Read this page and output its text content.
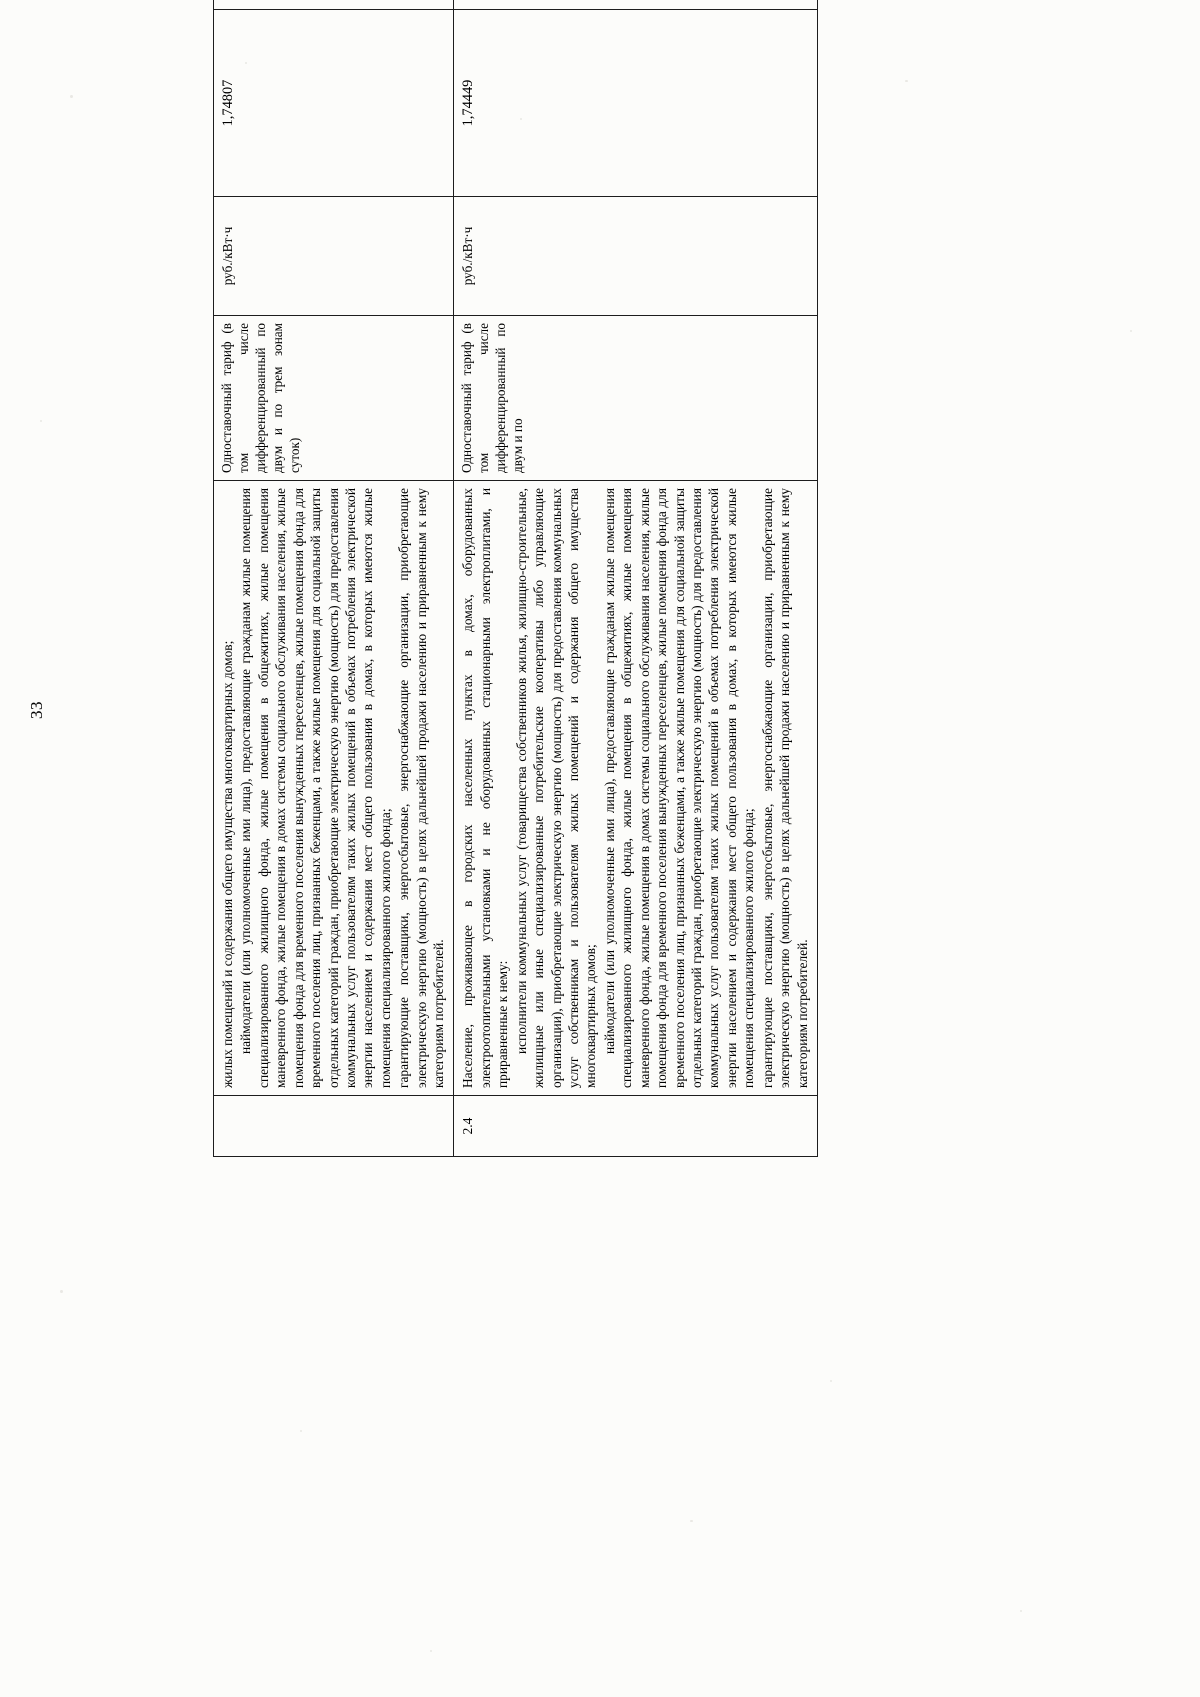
33

	жилых помещений и содержания общего имущества многоквартирных домов; наймодатели (или уполномоченные ими лица), предоставляющие гражданам жилые помещения специализированного жилищного фонда, жилые помещения в общежитиях, жилые помещения маневренного фонда, жилые помещения в домах системы социального обслуживания населения, жилые помещения фонда для временного поселения вынужденных переселенцев, жилые помещения фонда для временного поселения лиц, признанных беженцами, а также жилые помещения для социальной защиты отдельных категорий граждан, приобретающие электрическую энергию (мощность) для предоставления коммунальных услуг пользователям таких жилых помещений в объемах потребления электрической энергии населением и содержания мест общего пользования в домах, в которых имеются жилые помещения специализированного жилого фонда; гарантирующие поставщики, энергосбытовые, энергоснабжающие организации, приобретающие электрическую энергию (мощность) в целях дальнейшей продажи населению и приравненным к нему категориям потребителей.	Одноставочный тариф (в том числе дифференцированный по двум и по трем зонам суток)	руб./кВт·ч	1,74807	
2.4	Население, проживающее в городских населенных пунктах в домах, оборудованных электроотопительными установками и не оборудованных стационарными электроплитами, и приравненные к нему: исполнители коммунальных услуг (товарищества собственников жилья, жилищно-строительные, жилищные или иные специализированные потребительские кооперативы либо управляющие организации), приобретающие электрическую энергию (мощность) для предоставления коммунальных услуг собственникам и пользователям жилых помещений и содержания общего имущества многоквартирных домов; наймодатели (или уполномоченные ими лица), предоставляющие гражданам жилые помещения специализированного жилищного фонда, жилые помещения в общежитиях, жилые помещения маневренного фонда, жилые помещения в домах системы социального обслуживания населения, жилые помещения фонда для временного поселения вынужденных переселенцев, жилые помещения фонда для временного поселения лиц, признанных беженцами, а также жилые помещения для социальной защиты отдельных категорий граждан, приобретающие электрическую энергию (мощность) для предоставления коммунальных услуг пользователям таких жилых помещений в объемах потребления электрической энергии населением и содержания мест общего пользования в домах, в которых имеются жилые помещения специализированного жилого фонда; гарантирующие поставщики, энергосбытовые, энергоснабжающие организации, приобретающие электрическую энергию (мощность) в целях дальнейшей продажи населению и приравненным к нему категориям потребителей.	Одноставочный тариф (в том числе дифференцированный по двум и по	руб./кВт·ч	1,74449	
